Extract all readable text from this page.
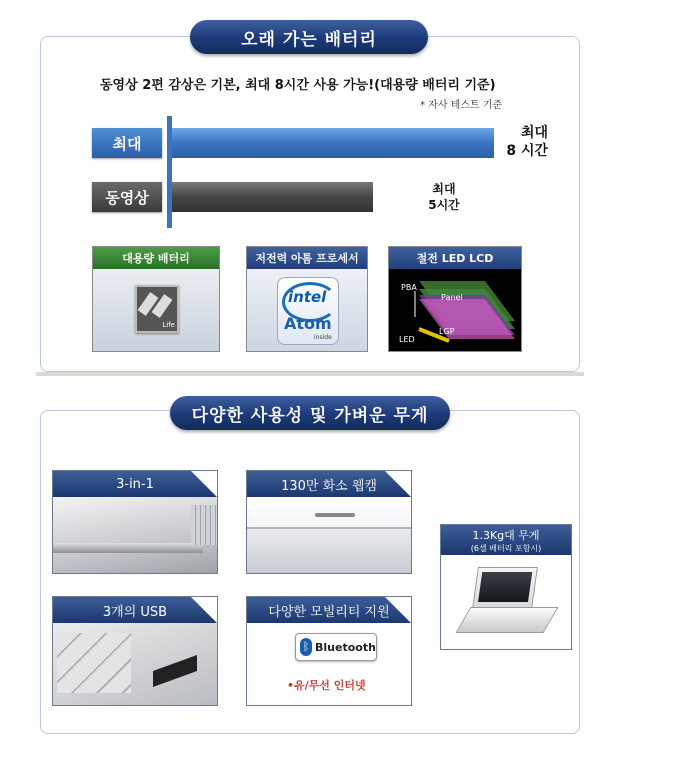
오래 가는 배터리
동영상 2편 감상은 기본, 최대 8시간 사용 가능!(대용량 배터리 기준)
* 자사 테스트 기준
최대
최대
8 시간
동영상	최대
5시간
대용량 배터리
Life
저전력 아톰 프로세서
intel
Atom
inside
절전 LED LCD
PBA
Panel
LGP
LED
다양한 사용성 및 가벼운 무게
3-in-1	130만 화소 웹캠
3개의 USB	다양한 모빌리티 지원
ᛒ Bluetooth
•유/무선 인터넷
1.3Kg대 무게
(6셀 배터리 포함시)
